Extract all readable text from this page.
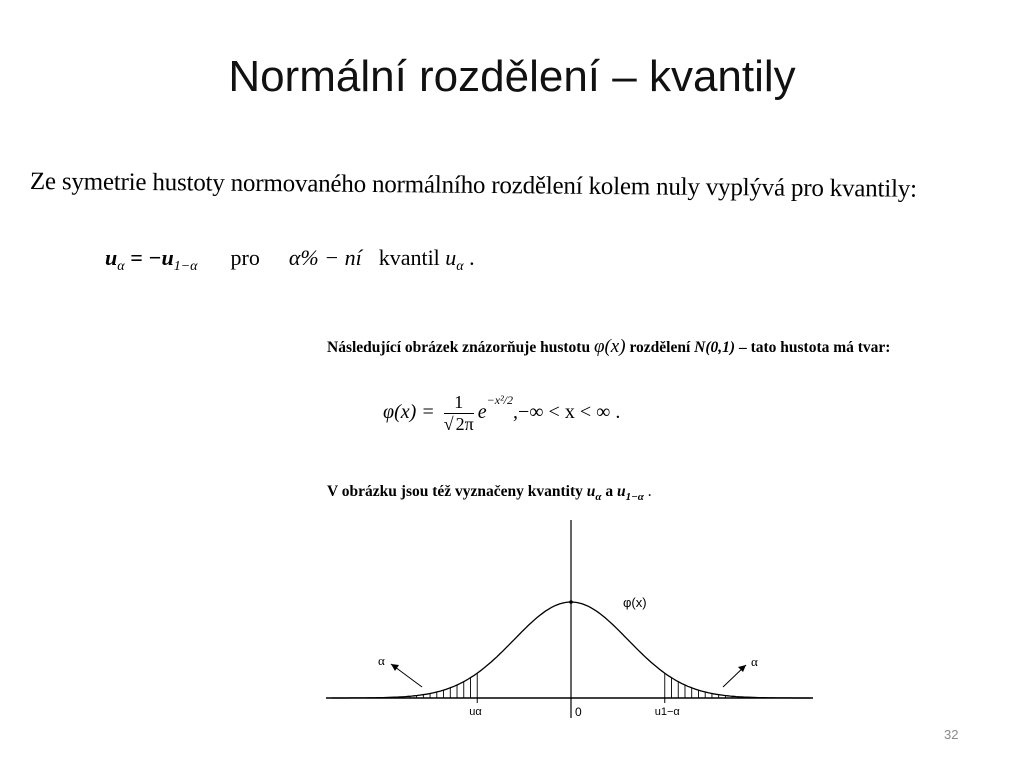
Normální rozdělení – kvantily
Ze symetrie hustoty normovaného normálního rozdělení kolem nuly vyplývá pro kvantily:
$u_\alpha = -u_{1-\alpha}$ pro α% − ní kvantil $u_\alpha$ .
Následující obrázek znázorňuje hustotu φ(x) rozdělení N(0,1) – tato hustota má tvar:
$\varphi(x) = \frac{1}{√ 2\pi} e^{-x^2/2},-\infty < x$ < ∞ .
V obrázku jsou též vyznačeny kvantity $u_\alpha$ a $u_{1-\alpha}$ .
φ(x)
α	α
uα	0	u1−α
32
